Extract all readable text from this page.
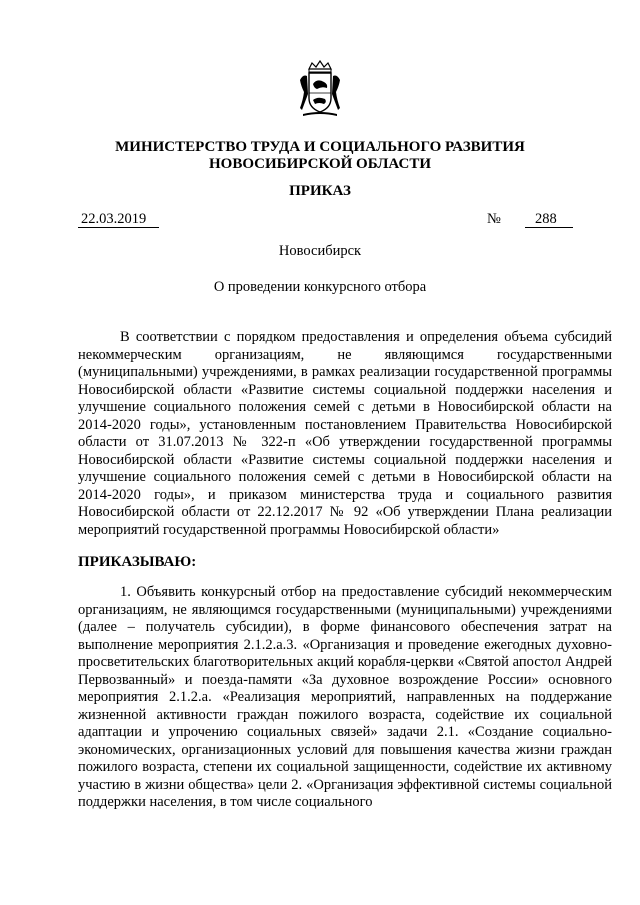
МИНИСТЕРСТВО ТРУДА И СОЦИАЛЬНОГО РАЗВИТИЯ
НОВОСИБИРСКОЙ ОБЛАСТИ
ПРИКАЗ
22.03.2019	№	288
Новосибирск
О проведении конкурсного отбора

В соответствии с порядком предоставления и определения объема субсидий некоммерческим организациям, не являющимся государственными (муниципальными) учреждениями, в рамках реализации государственной программы Новосибирской области «Развитие системы социальной поддержки населения и улучшение социального положения семей с детьми в Новосибирской области на 2014-2020 годы», установленным постановлением Правительства Новосибирской области от 31.07.2013 № 322-п «Об утверждении государственной программы Новосибирской области «Развитие системы социальной поддержки населения и улучшение социального положения семей с детьми в Новосибирской области на 2014-2020 годы», и приказом министерства труда и социального развития Новосибирской области от 22.12.2017 № 92 «Об утверждении Плана реализации мероприятий государственной программы Новосибирской области»

ПРИКАЗЫВАЮ:

1. Объявить конкурсный отбор на предоставление субсидий некоммерческим организациям, не являющимся государственными (муниципальными) учреждениями (далее – получатель субсидии), в форме финансового обеспечения затрат на выполнение мероприятия 2.1.2.а.3. «Организация и проведение ежегодных духовно-просветительских благотворительных акций корабля-церкви «Святой апостол Андрей Первозванный» и поезда-памяти «За духовное возрождение России» основного мероприятия 2.1.2.а. «Реализация мероприятий, направленных на поддержание жизненной активности граждан пожилого возраста, содействие их социальной адаптации и упрочению социальных связей» задачи 2.1. «Создание социально-экономических, организационных условий для повышения качества жизни граждан пожилого возраста, степени их социальной защищенности, содействие их активному участию в жизни общества» цели 2. «Организация эффективной системы социальной поддержки населения, в том числе социального
